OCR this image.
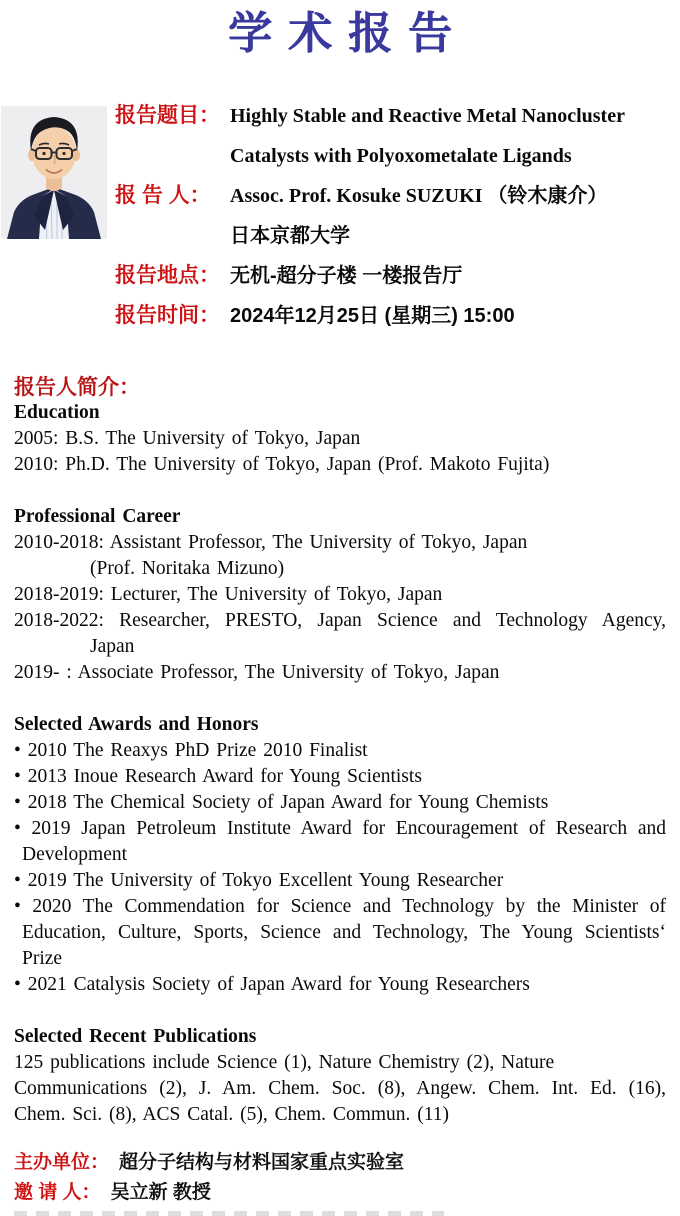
学术报告
报告题目： Highly Stable and Reactive Metal Nanocluster
Catalysts with Polyoxometalate Ligands
报 告 人： Assoc. Prof. Kosuke SUZUKI （铃木康介）
日本京都大学
报告地点： 无机-超分子楼 一楼报告厅
报告时间： 2024年12月25日 (星期三) 15:00
报告人简介：
Education
2005: B.S. The University of Tokyo, Japan
2010: Ph.D. The University of Tokyo, Japan (Prof. Makoto Fujita)
Professional Career
2010-2018: Assistant Professor, The University of Tokyo, Japan
(Prof. Noritaka Mizuno)
2018-2019: Lecturer, The University of Tokyo, Japan
2018-2022: Researcher, PRESTO, Japan Science and Technology Agency,
Japan
2019- : Associate Professor, The University of Tokyo, Japan
Selected Awards and Honors
• 2010 The Reaxys PhD Prize 2010 Finalist
• 2013 Inoue Research Award for Young Scientists
• 2018 The Chemical Society of Japan Award for Young Chemists
• 2019 Japan Petroleum Institute Award for Encouragement of Research and
Development
• 2019 The University of Tokyo Excellent Young Researcher
• 2020 The Commendation for Science and Technology by the Minister of
Education, Culture, Sports, Science and Technology, The Young Scientists‘
Prize
• 2021 Catalysis Society of Japan Award for Young Researchers
Selected Recent Publications
125 publications include Science (1), Nature Chemistry (2), Nature
Communications (2), J. Am. Chem. Soc. (8), Angew. Chem. Int. Ed. (16),
Chem. Sci. (8), ACS Catal. (5), Chem. Commun. (11)
主办单位： 超分子结构与材料国家重点实验室
邀 请 人： 吴立新 教授
